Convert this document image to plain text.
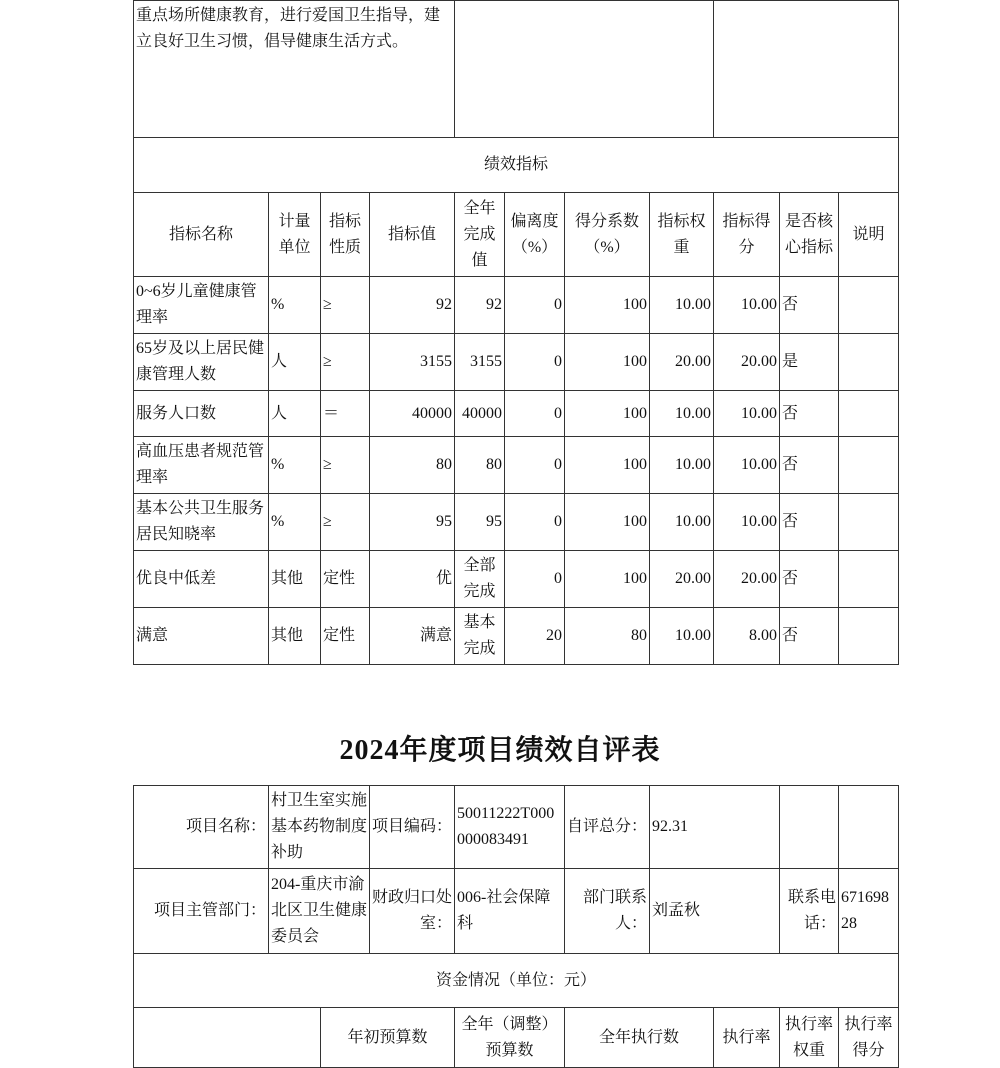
重点场所健康教育，进行爱国卫生指导，建立良好卫生习惯，倡导健康生活方式。										
绩效指标										
指标名称	计量单位	指标性质	指标值	全年完成值	偏离度（%）	得分系数（%）	指标权重	指标得分	是否核心指标	说明
0~6岁儿童健康管理率	%	≥	92	92	0	100	10.00	10.00	否	
65岁及以上居民健康管理人数	人	≥	3155	3155	0	100	20.00	20.00	是	
服务人口数	人	＝	40000	40000	0	100	10.00	10.00	否	
高血压患者规范管理率	%	≥	80	80	0	100	10.00	10.00	否	
基本公共卫生服务居民知晓率	%	≥	95	95	0	100	10.00	10.00	否	
优良中低差	其他	定性	优	全部完成	0	100	20.00	20.00	否	
满意	其他	定性	满意	基本完成	20	80	10.00	8.00	否	
2024年度项目绩效自评表
项目名称：	村卫生室实施基本药物制度补助		项目编码：	50011222T000000083491	自评总分：	92.31			
项目主管部门：	204-重庆市渝北区卫生健康委员会		财政归口处室：	006-社会保障科	部门联系人：	刘孟秋		联系电话：	67169828
资金情况（单位：元）									
		年初预算数		全年（调整）预算数	全年执行数		执行率	执行率权重	执行率得分
